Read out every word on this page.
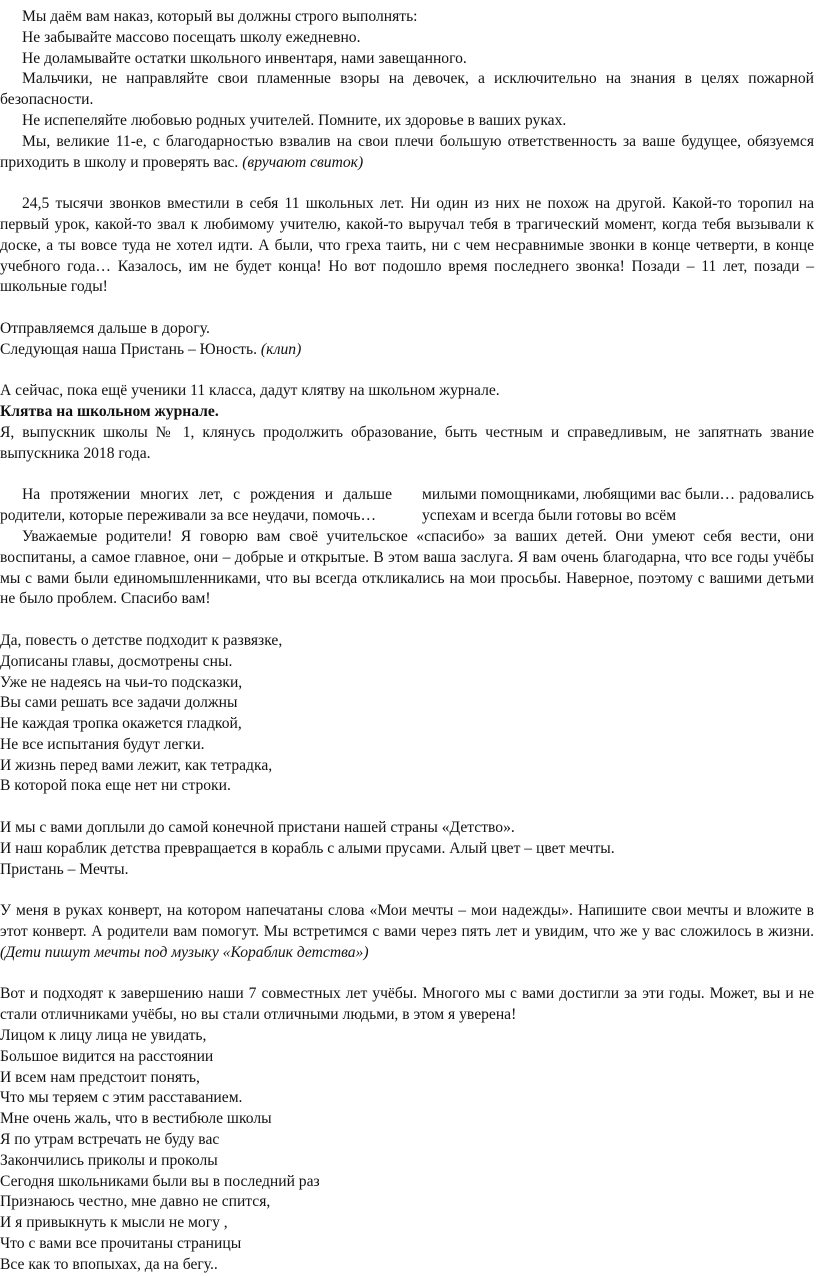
Мы даём вам наказ, который вы должны строго выполнять:

Не забывайте массово посещать школу ежедневно.

Не доламывайте остатки школьного инвентаря, нами завещанного.

Мальчики, не направляйте свои пламенные взоры на девочек, а исключительно на знания в целях пожарной безопасности.

Не испепеляйте любовью родных учителей. Помните, их здоровье в ваших руках.

Мы, великие 11-е, с благодарностью взвалив на свои плечи большую ответственность за ваше будущее, обязуемся приходить в школу и проверять вас. (вручают свиток)

24,5 тысячи звонков вместили в себя 11 школьных лет. Ни один из них не похож на другой. Какой-то торопил на первый урок, какой-то звал к любимому учителю, какой-то выручал тебя в трагический момент, когда тебя вызывали к доске, а ты вовсе туда не хотел идти. А были, что греха таить, ни с чем несравнимые звонки в конце четверти, в конце учебного года… Казалось, им не будет конца! Но вот подошло время последнего звонка! Позади – 11 лет, позади – школьные годы!

Отправляемся дальше в дорогу.

Следующая наша Пристань – Юность. (клип)

А сейчас, пока ещё ученики 11 класса, дадут клятву на школьном журнале.

Клятва на школьном журнале.

Я, выпускник школы № 1, клянусь продолжить образование, быть честным и справедливым, не запятнать звание выпускника 2018 года.

На протяжении многих лет, с рождения и дальше родители, которые переживали за все неудачи, помочь…

милыми помощниками, любящими вас были… радовались успехам и всегда были готовы во всём

Уважаемые родители! Я говорю вам своё учительское «спасибо» за ваших детей. Они умеют себя вести, они воспитаны, а самое главное, они – добрые и открытые. В этом ваша заслуга. Я вам очень благодарна, что все годы учёбы мы с вами были единомышленниками, что вы всегда откликались на мои просьбы. Наверное, поэтому с вашими детьми не было проблем. Спасибо вам!

Да, повесть о детстве подходит к развязке,

Дописаны главы, досмотрены сны.

Уже не надеясь на чьи-то подсказки,

Вы сами решать все задачи должны

Не каждая тропка окажется гладкой,

Не все испытания будут легки.

И жизнь перед вами лежит, как тетрадка,

В которой пока еще нет ни строки.

И мы с вами доплыли до самой конечной пристани нашей страны «Детство».

И наш кораблик детства превращается в корабль с алыми прусами. Алый цвет – цвет мечты.

Пристань – Мечты.

У меня в руках конверт, на котором напечатаны слова «Мои мечты – мои надежды». Напишите свои мечты и вложите в этот конверт. А родители вам помогут. Мы встретимся с вами через пять лет и увидим, что же у вас сложилось в жизни. (Дети пишут мечты под музыку «Кораблик детства»)

Вот и подходят к завершению наши 7 совместных лет учёбы. Многого мы с вами достигли за эти годы. Может, вы и не стали отличниками учёбы, но вы стали отличными людьми, в этом я уверена!

Лицом к лицу лица не увидать,

Большое видится на расстоянии

И всем нам предстоит понять,

Что мы теряем с этим расставанием.

Мне очень жаль, что в вестибюле школы

Я по утрам встречать не буду вас

Закончились приколы и проколы

Сегодня школьниками были вы в последний раз

Признаюсь честно, мне давно не спится,

И я привыкнуть к мысли не могу ,

Что с вами все прочитаны страницы

Все как то впопыхах, да на бегу..
